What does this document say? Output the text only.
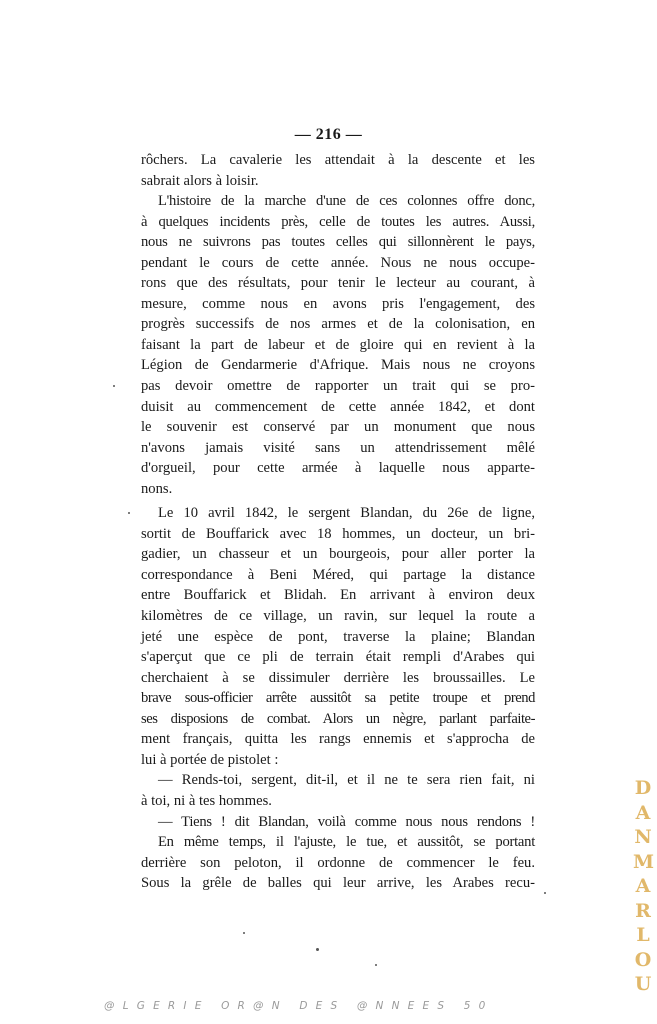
— 216 —
rôchers. La cavalerie les attendait à la descente et les
sabrait alors à loisir.
L'histoire de la marche d'une de ces colonnes offre donc,
à quelques incidents près, celle de toutes les autres. Aussi,
nous ne suivrons pas toutes celles qui sillonnèrent le pays,
pendant le cours de cette année. Nous ne nous occupe-
rons que des résultats, pour tenir le lecteur au courant, à
mesure, comme nous en avons pris l'engagement, des
progrès successifs de nos armes et de la colonisation, en
faisant la part de labeur et de gloire qui en revient à la
Légion de Gendarmerie d'Afrique. Mais nous ne croyons
pas devoir omettre de rapporter un trait qui se pro-
duisit au commencement de cette année 1842, et dont
le souvenir est conservé par un monument que nous
n'avons jamais visité sans un attendrissement mêlé
d'orgueil, pour cette armée à laquelle nous apparte-
nons.
Le 10 avril 1842, le sergent Blandan, du 26e de ligne,
sortit de Bouffarick avec 18 hommes, un docteur, un bri-
gadier, un chasseur et un bourgeois, pour aller porter la
correspondance à Beni Méred, qui partage la distance
entre Bouffarick et Blidah. En arrivant à environ deux
kilomètres de ce village, un ravin, sur lequel la route a
jeté une espèce de pont, traverse la plaine; Blandan
s'aperçut que ce pli de terrain était rempli d'Arabes qui
cherchaient à se dissimuler derrière les broussailles. Le
brave sous-officier arrête aussitôt sa petite troupe et prend
ses disposions de combat. Alors un nègre, parlant parfaite-
ment français, quitta les rangs ennemis et s'approcha de
lui à portée de pistolet :
— Rends-toi, sergent, dit-il, et il ne te sera rien fait, ni
à toi, ni à tes hommes.
— Tiens ! dit Blandan, voilà comme nous nous rendons !
En même temps, il l'ajuste, le tue, et aussitôt, se portant
derrière son peloton, il ordonne de commencer le feu.
Sous la grêle de balles qui leur arrive, les Arabes recu-
D
A
N
M
A
R
L
O
U
@LGERIE OR@N DES @NNEES 50
